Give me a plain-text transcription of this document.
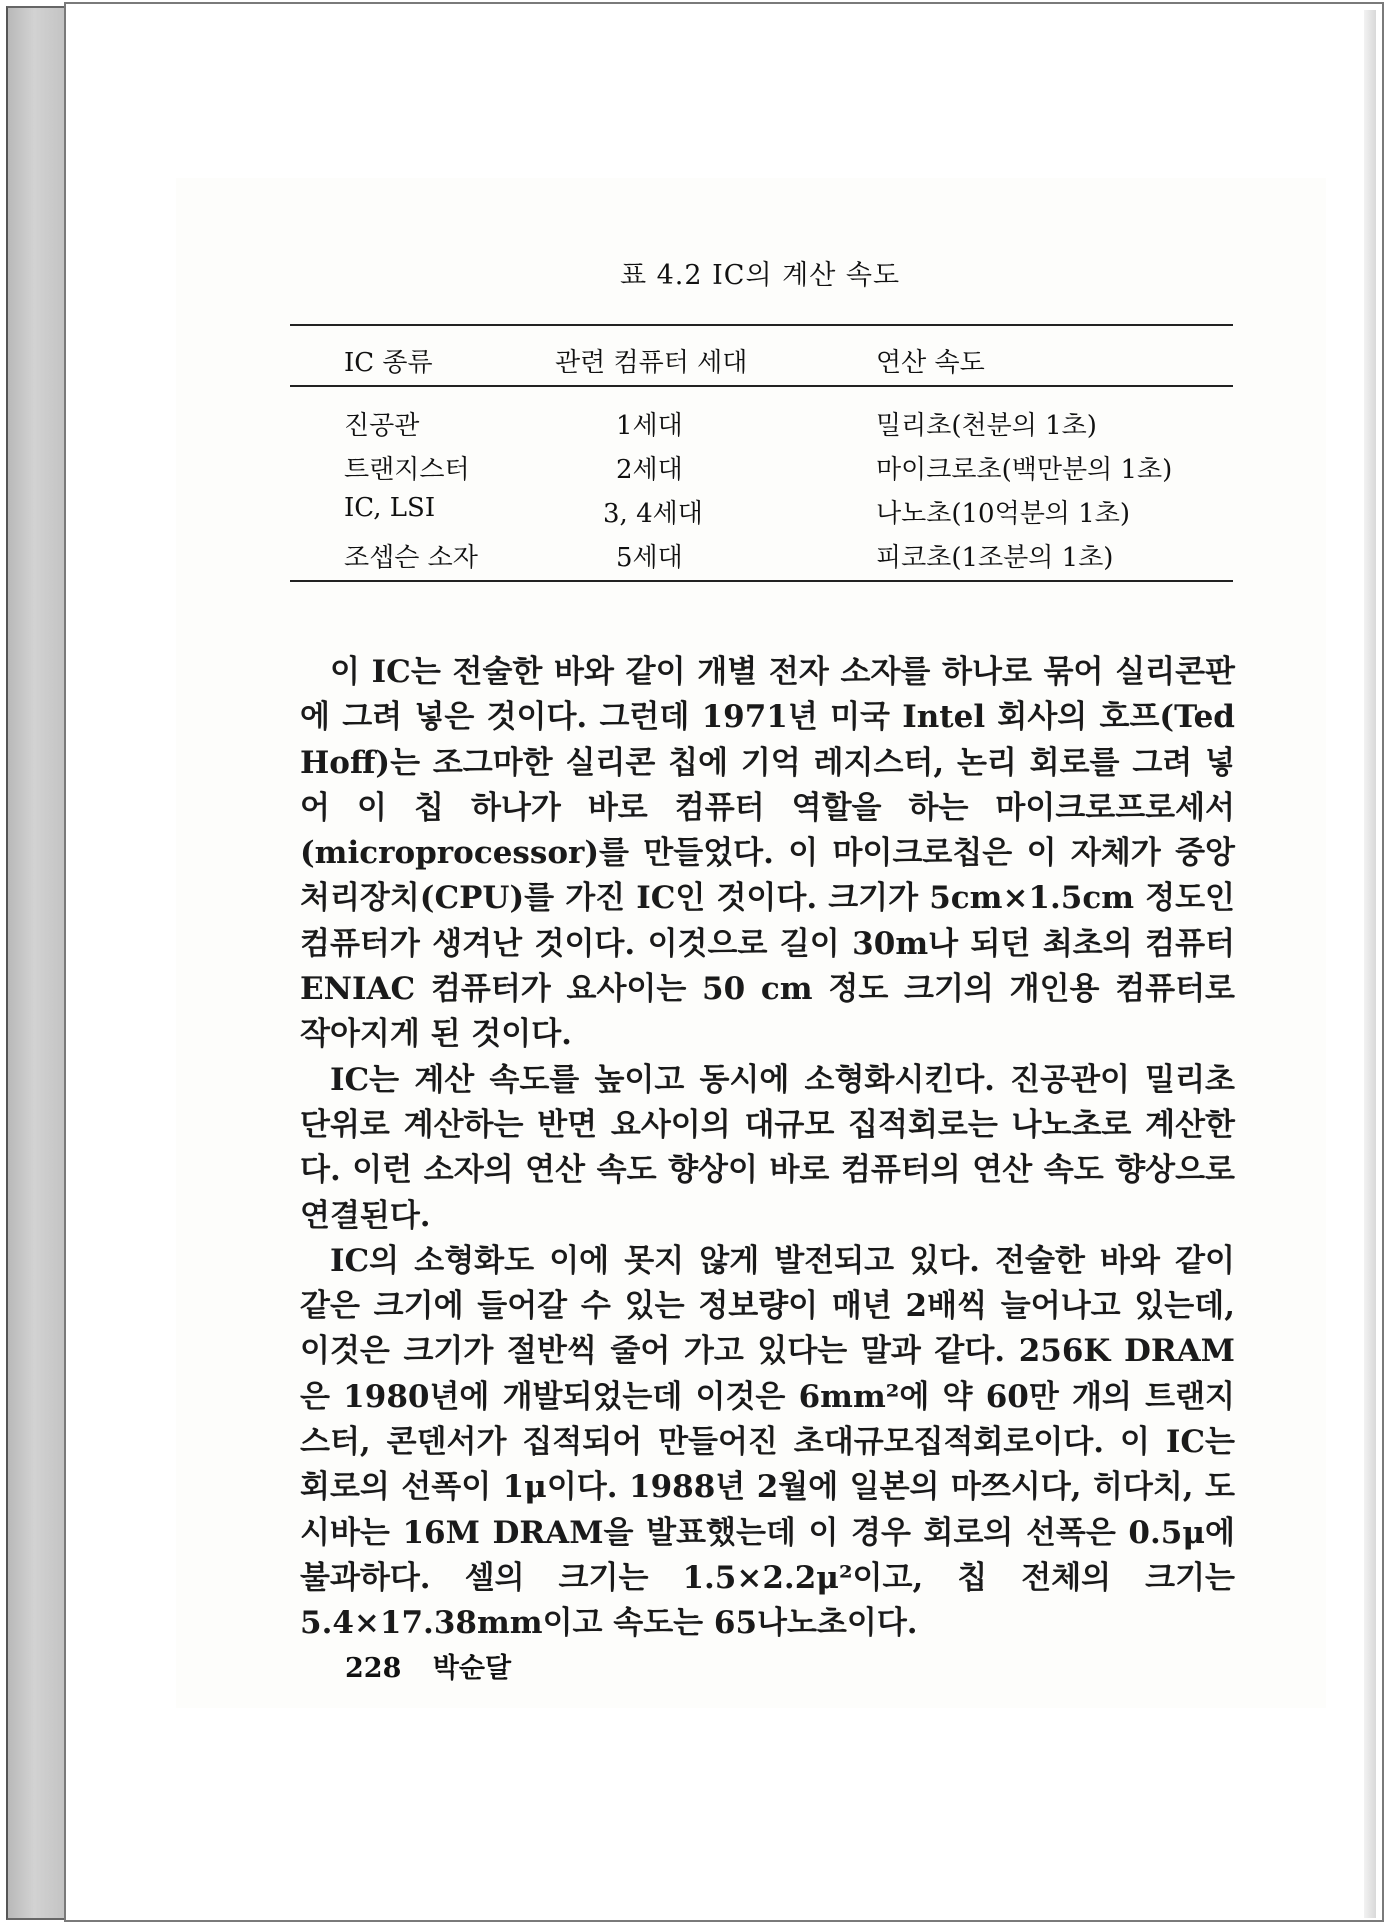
표 4.2 IC의 계산 속도
IC 종류	관련 컴퓨터 세대	연산 속도
진공관	1세대	밀리초(천분의 1초)
트랜지스터	2세대	마이크로초(백만분의 1초)
IC, LSI	3, 4세대	나노초(10억분의 1초)
조셉슨 소자	5세대	피코초(1조분의 1초)

이 IC는 전술한 바와 같이 개별 전자 소자를 하나로 묶어 실리콘판에 그려 넣은 것이다. 그런데 1971년 미국 Intel 회사의 호프(Ted Hoff)는 조그마한 실리콘 칩에 기억 레지스터, 논리 회로를 그려 넣어 이 칩 하나가 바로 컴퓨터 역할을 하는 마이크로프로세서(microprocessor)를 만들었다. 이 마이크로칩은 이 자체가 중앙처리장치(CPU)를 가진 IC인 것이다. 크기가 5cm×1.5cm 정도인 컴퓨터가 생겨난 것이다. 이것으로 길이 30m나 되던 최초의 컴퓨터 ENIAC 컴퓨터가 요사이는 50 cm 정도 크기의 개인용 컴퓨터로 작아지게 된 것이다.

IC는 계산 속도를 높이고 동시에 소형화시킨다. 진공관이 밀리초 단위로 계산하는 반면 요사이의 대규모 집적회로는 나노초로 계산한다. 이런 소자의 연산 속도 향상이 바로 컴퓨터의 연산 속도 향상으로 연결된다.

IC의 소형화도 이에 못지 않게 발전되고 있다. 전술한 바와 같이 같은 크기에 들어갈 수 있는 정보량이 매년 2배씩 늘어나고 있는데, 이것은 크기가 절반씩 줄어 가고 있다는 말과 같다. 256K DRAM은 1980년에 개발되었는데 이것은 6mm²에 약 60만 개의 트랜지스터, 콘덴서가 집적되어 만들어진 초대규모집적회로이다. 이 IC는 회로의 선폭이 1μ이다. 1988년 2월에 일본의 마쯔시다, 히다치, 도시바는 16M DRAM을 발표했는데 이 경우 회로의 선폭은 0.5μ에 불과하다. 셀의 크기는 1.5×2.2μ²이고, 칩 전체의 크기는 5.4×17.38mm이고 속도는 65나노초이다.

228 박순달
